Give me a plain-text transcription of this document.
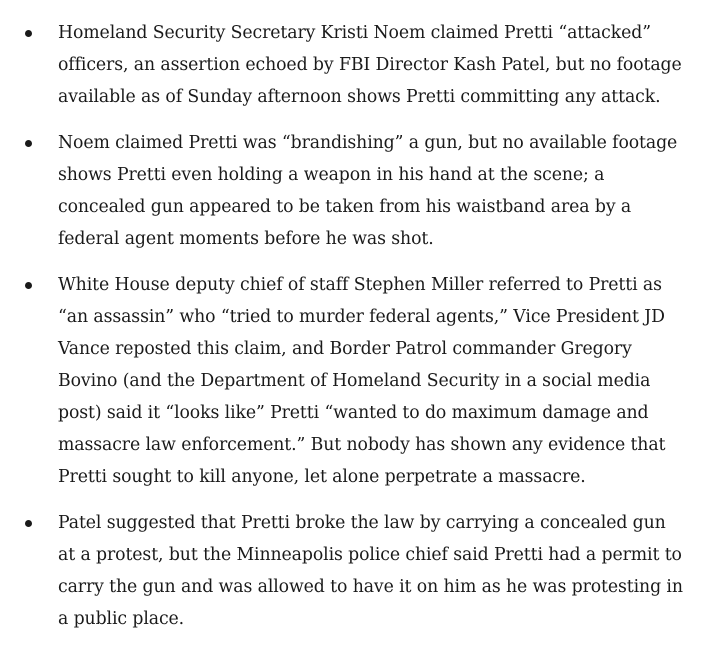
Homeland Security Secretary Kristi Noem claimed Pretti “attacked” officers, an assertion echoed by FBI Director Kash Patel, but no footage available as of Sunday afternoon shows Pretti committing any attack.
Noem claimed Pretti was “brandishing” a gun, but no available footage shows Pretti even holding a weapon in his hand at the scene; a concealed gun appeared to be taken from his waistband area by a federal agent moments before he was shot.
White House deputy chief of staff Stephen Miller referred to Pretti as “an assassin” who “tried to murder federal agents,” Vice President JD Vance reposted this claim, and Border Patrol commander Gregory Bovino (and the Department of Homeland Security in a social media post) said it “looks like” Pretti “wanted to do maximum damage and massacre law enforcement.” But nobody has shown any evidence that Pretti sought to kill anyone, let alone perpetrate a massacre.
Patel suggested that Pretti broke the law by carrying a concealed gun at a protest, but the Minneapolis police chief said Pretti had a permit to carry the gun and was allowed to have it on him as he was protesting in a public place.
